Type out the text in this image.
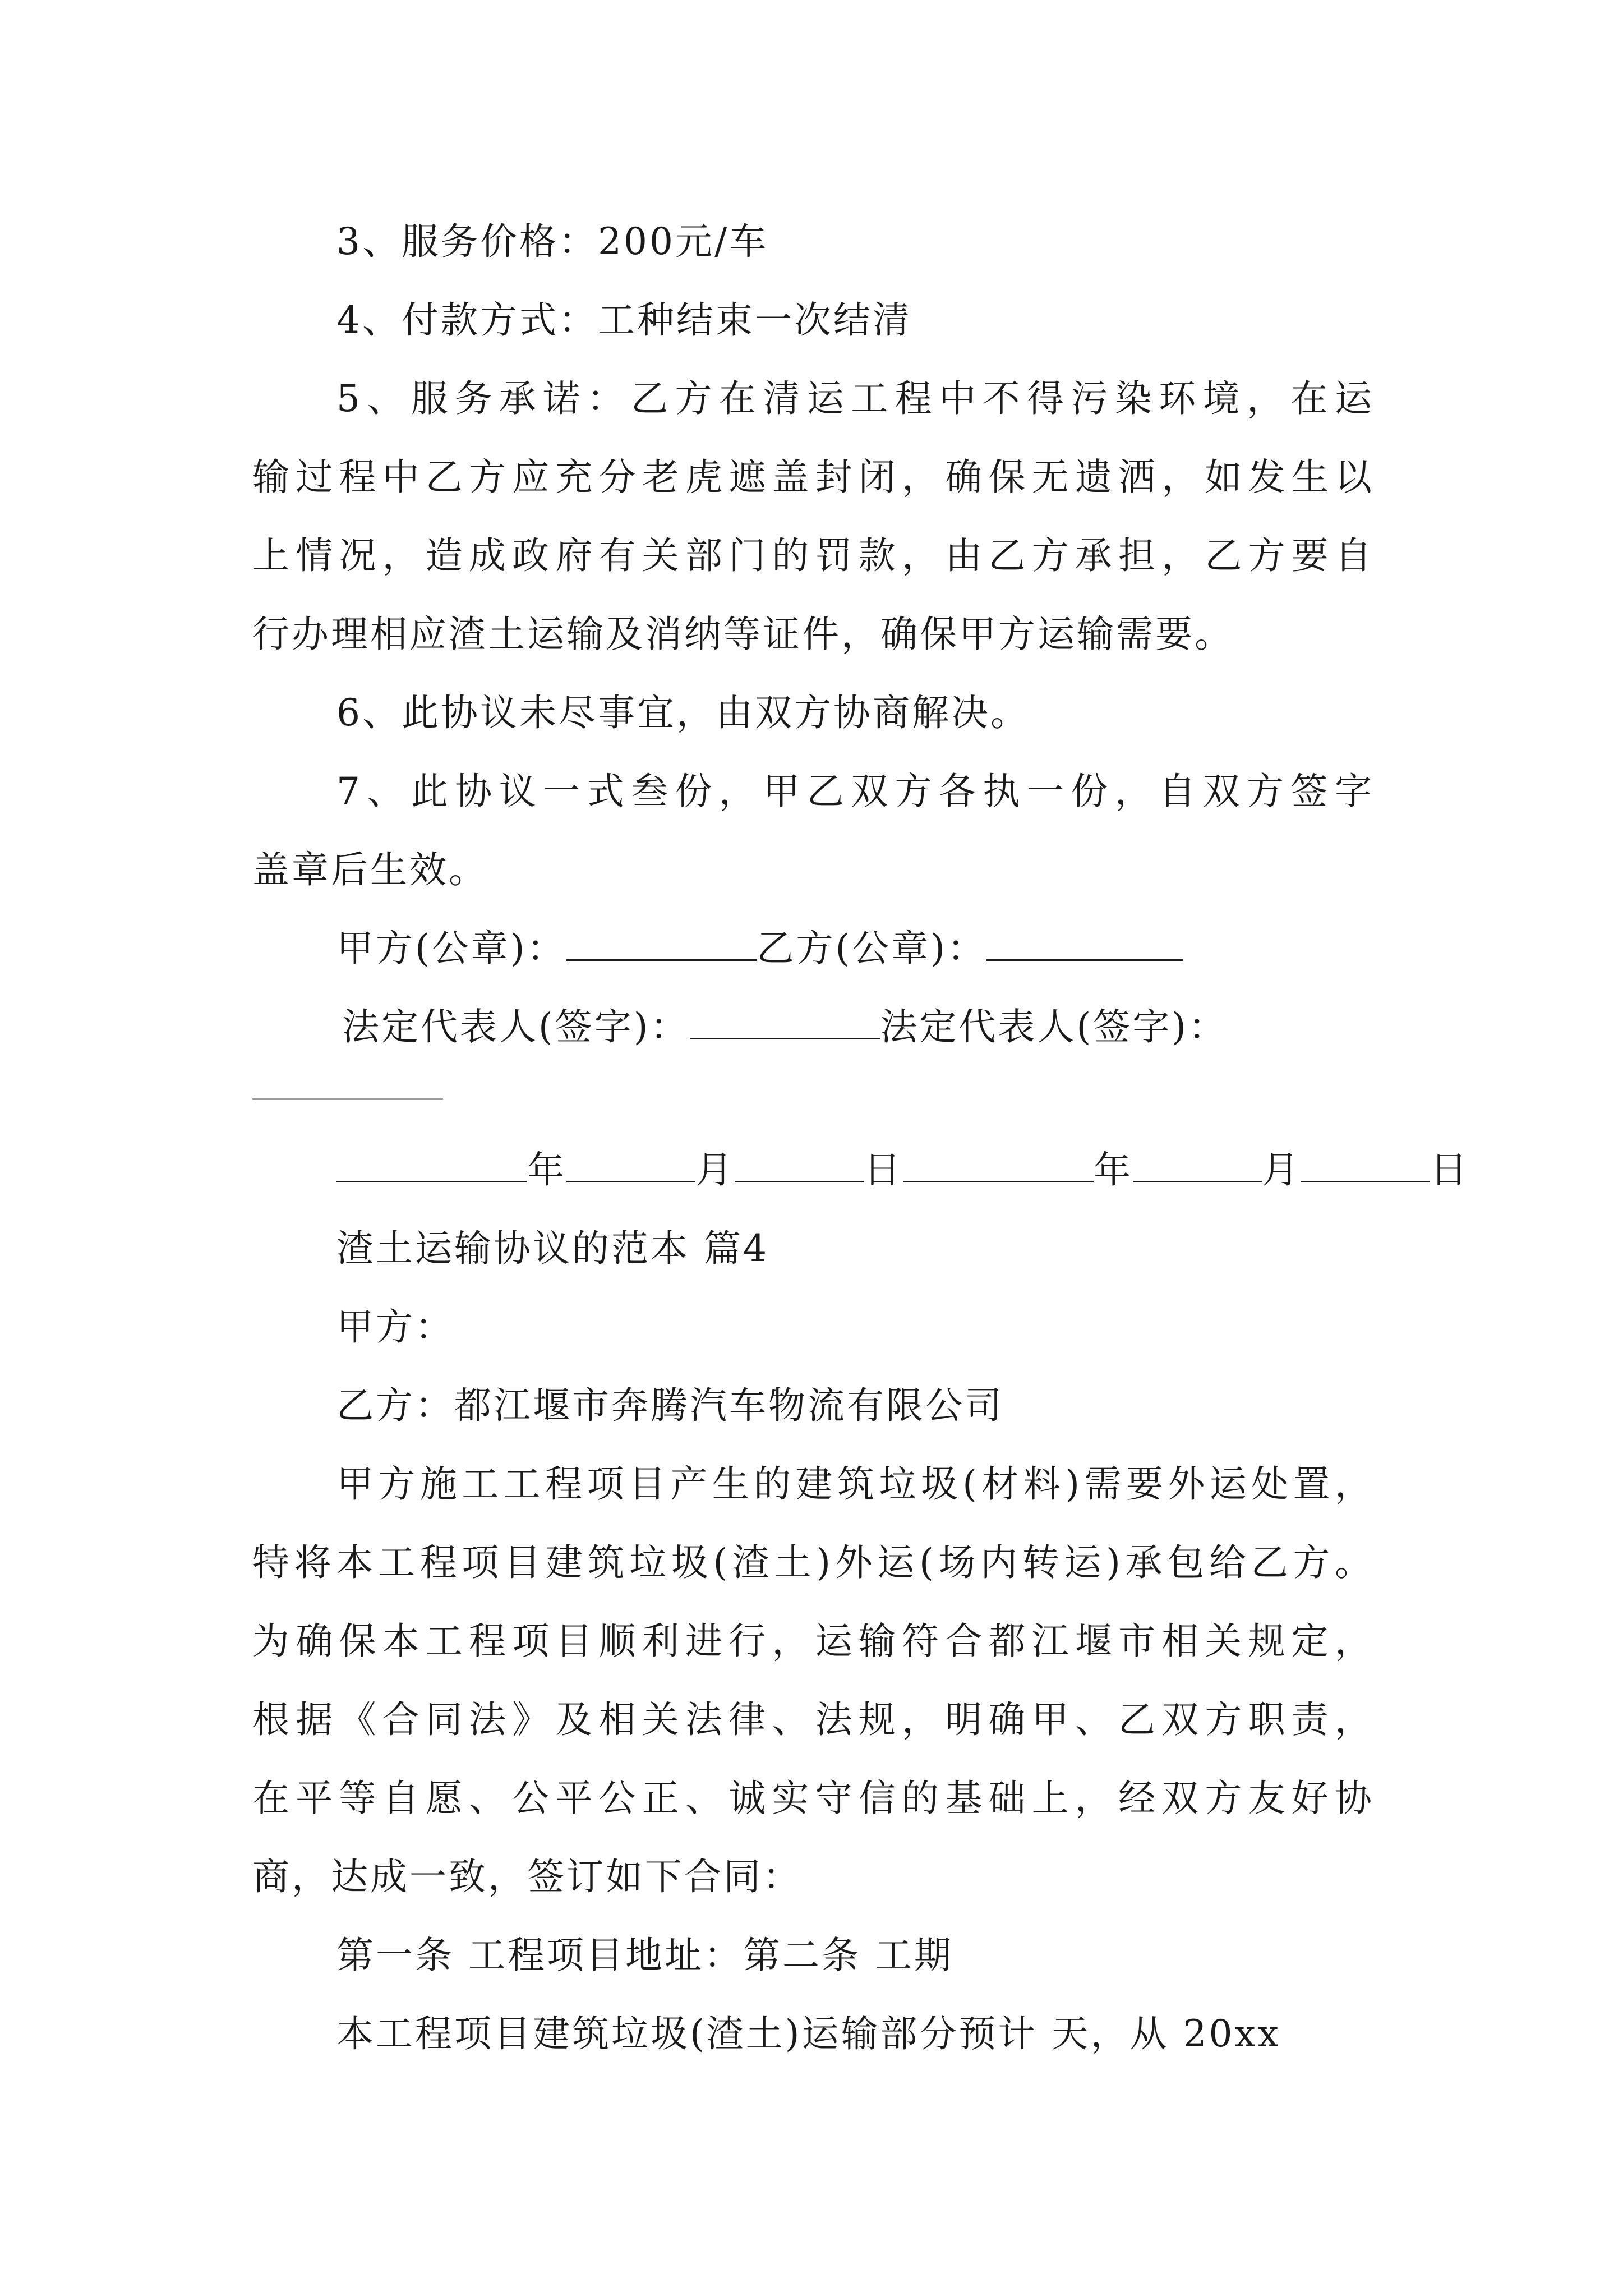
3、服务价格：200元/车
4、付款方式：工种结束一次结清
5、服务承诺：乙方在清运工程中不得污染环境，在运
输过程中乙方应充分老虎遮盖封闭，确保无遗洒，如发生以
上情况，造成政府有关部门的罚款，由乙方承担，乙方要自
行办理相应渣土运输及消纳等证件，确保甲方运输需要。
6、此协议未尽事宜，由双方协商解决。
7、此协议一式叁份，甲乙双方各执一份，自双方签字
盖章后生效。
甲方(公章)：	乙方(公章)：
法定代表人(签字)：	法定代表人(签字)：
年	月	日	年	月	日
渣土运输协议的范本 篇4
甲方：
乙方：都江堰市奔腾汽车物流有限公司
甲方施工工程项目产生的建筑垃圾(材料)需要外运处置，
特将本工程项目建筑垃圾(渣土)外运(场内转运)承包给乙方。
为确保本工程项目顺利进行，运输符合都江堰市相关规定，
根据《合同法》及相关法律、法规，明确甲、乙双方职责，
在平等自愿、公平公正、诚实守信的基础上，经双方友好协
商，达成一致，签订如下合同：
第一条 工程项目地址：第二条 工期
本工程项目建筑垃圾(渣土)运输部分预计 天，从 20xx
